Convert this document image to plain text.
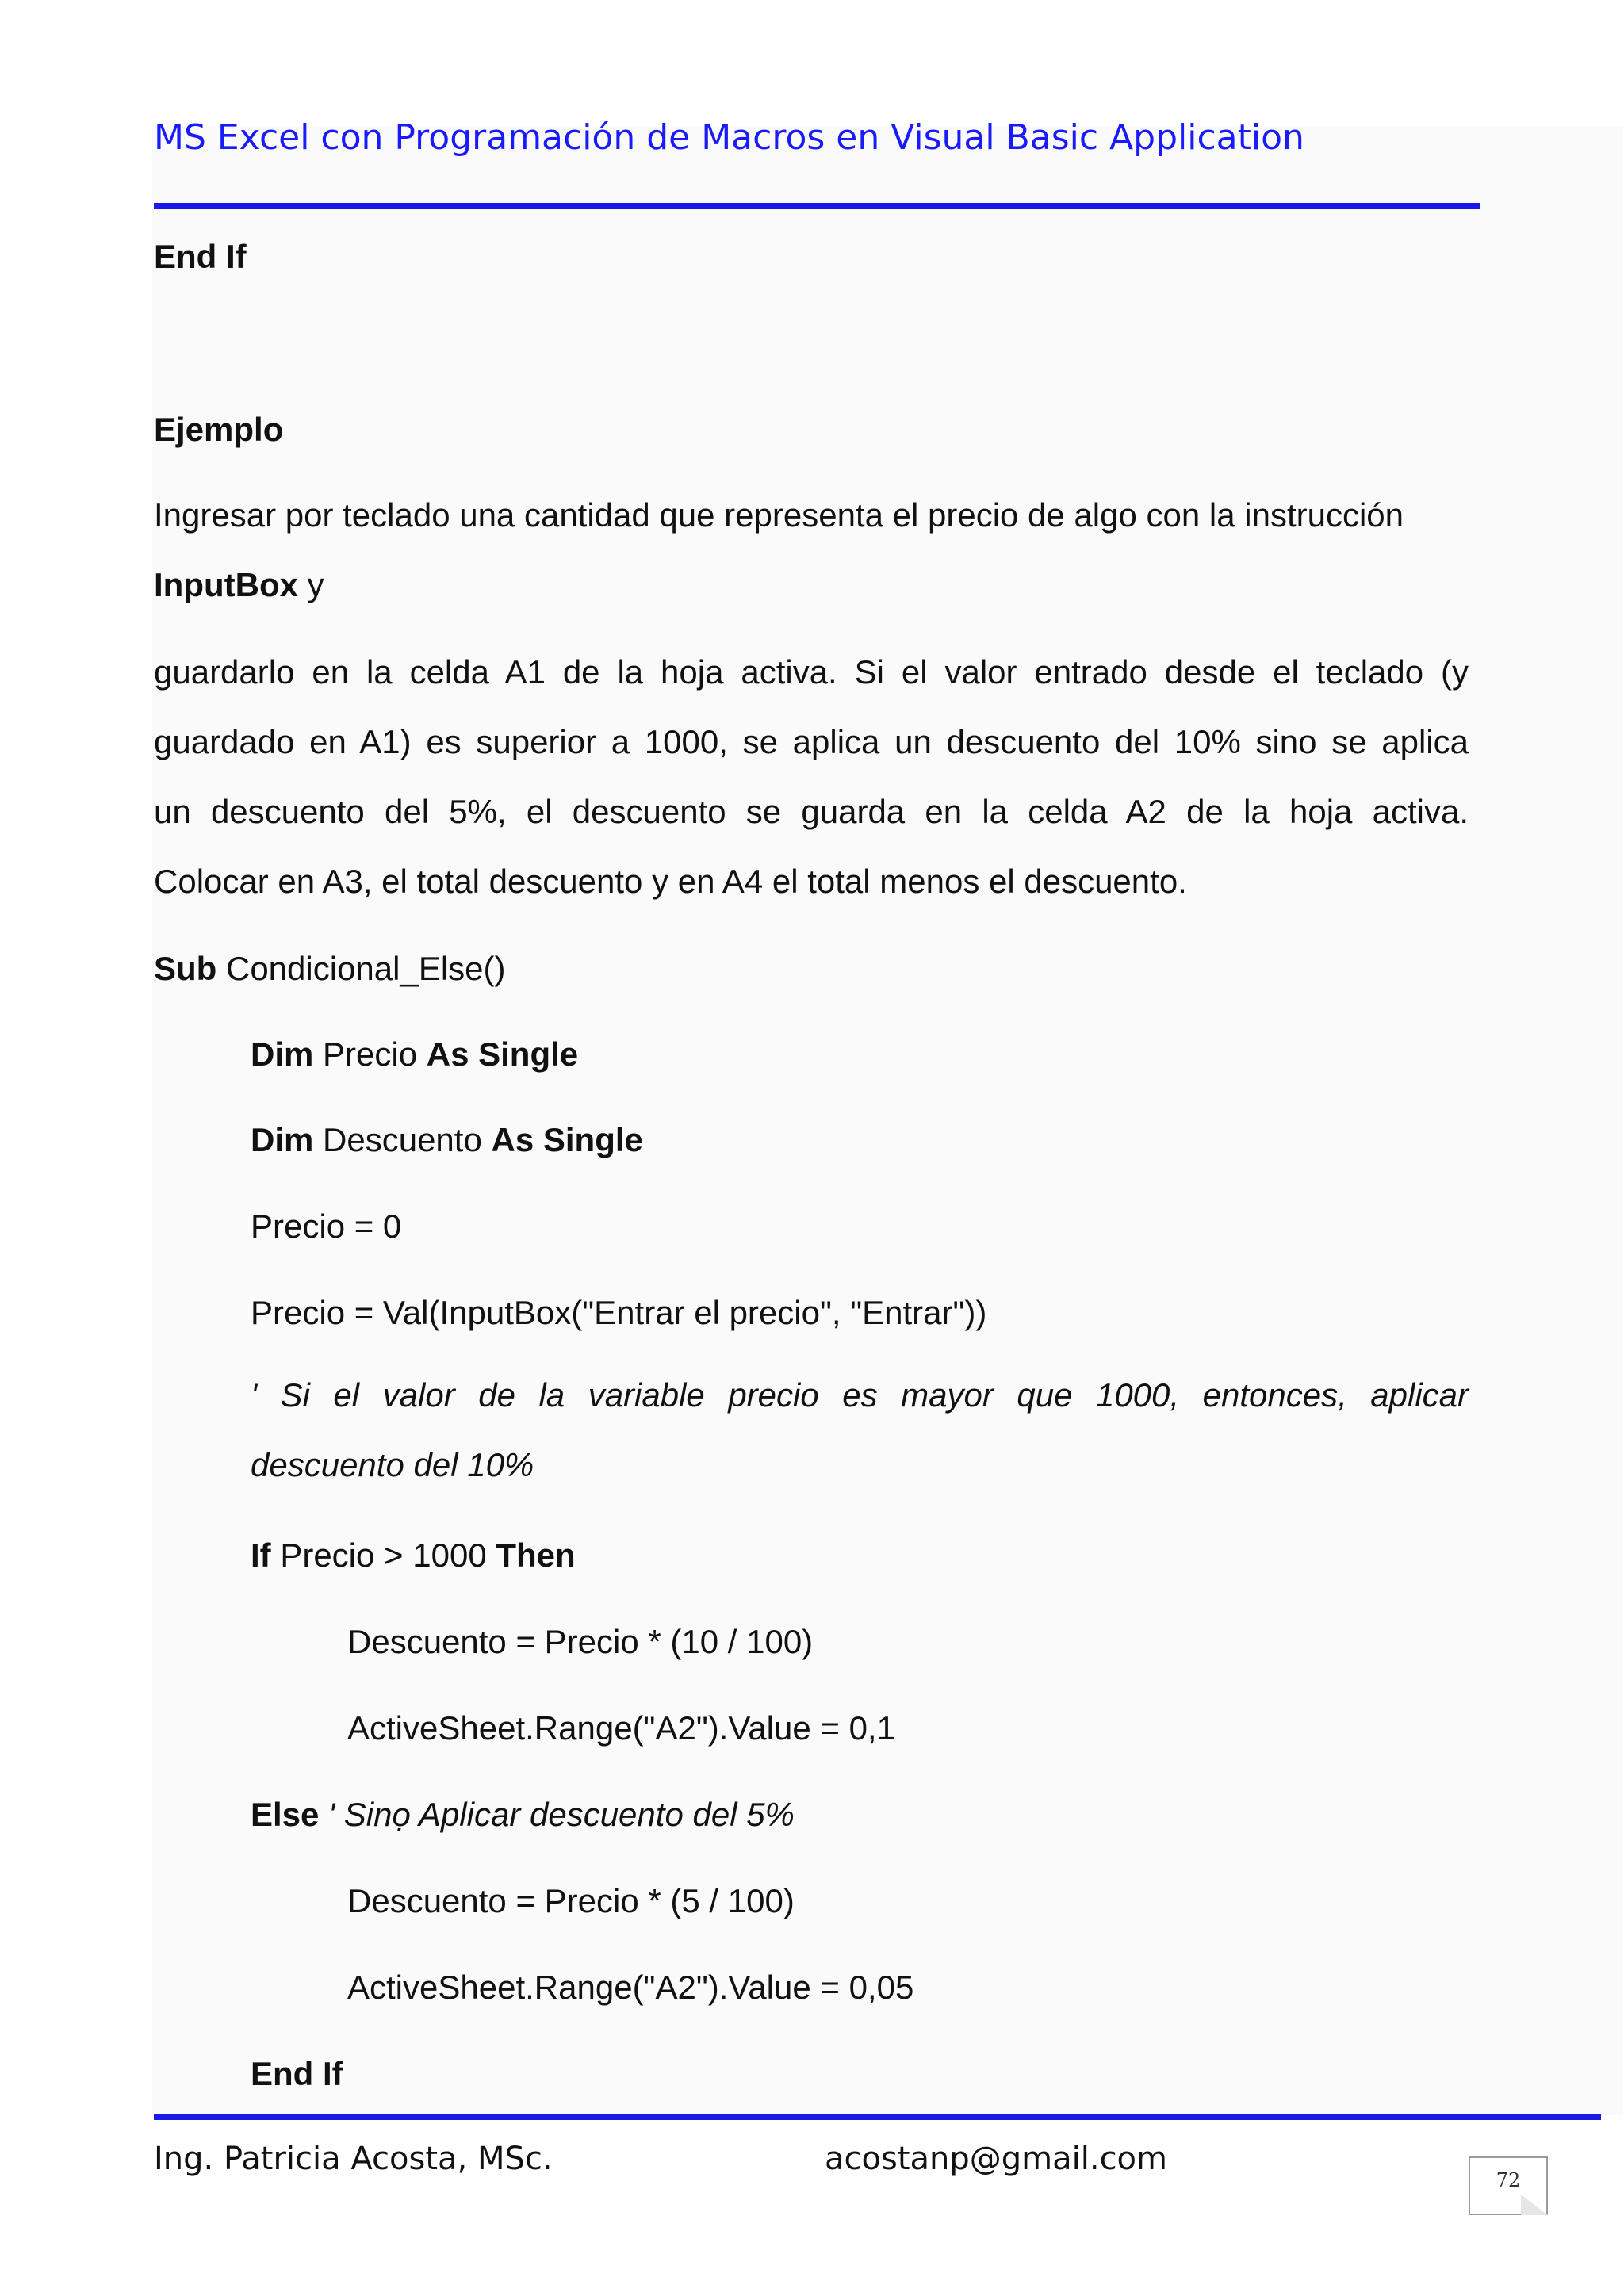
MS Excel con Programación de Macros en Visual Basic Application
End If
Ejemplo
Ingresar por teclado una cantidad que representa el precio de algo con la instrucción
InputBox y
guardarlo en la celda A1 de la hoja activa. Si el valor entrado desde el teclado (y
guardado en A1) es superior a 1000, se aplica un descuento del 10% sino se aplica
un descuento del 5%, el descuento se guarda en la celda A2 de la hoja activa.
Colocar en A3, el total descuento y en A4 el total menos el descuento.
Sub Condicional_Else()
Dim Precio As Single
Dim Descuento As Single
Precio = 0
Precio = Val(InputBox("Entrar el precio", "Entrar"))
' Si el valor de la variable precio es mayor que 1000, entonces, aplicar
descuento del 10%
If Precio > 1000 Then
Descuento = Precio * (10 / 100)
ActiveSheet.Range("A2").Value = 0,1
Else ' Sinọ Aplicar descuento del 5%
Descuento = Precio * (5 / 100)
ActiveSheet.Range("A2").Value = 0,05
End If
Ing. Patricia Acosta, MSc.	acostanp@gmail.com
72
